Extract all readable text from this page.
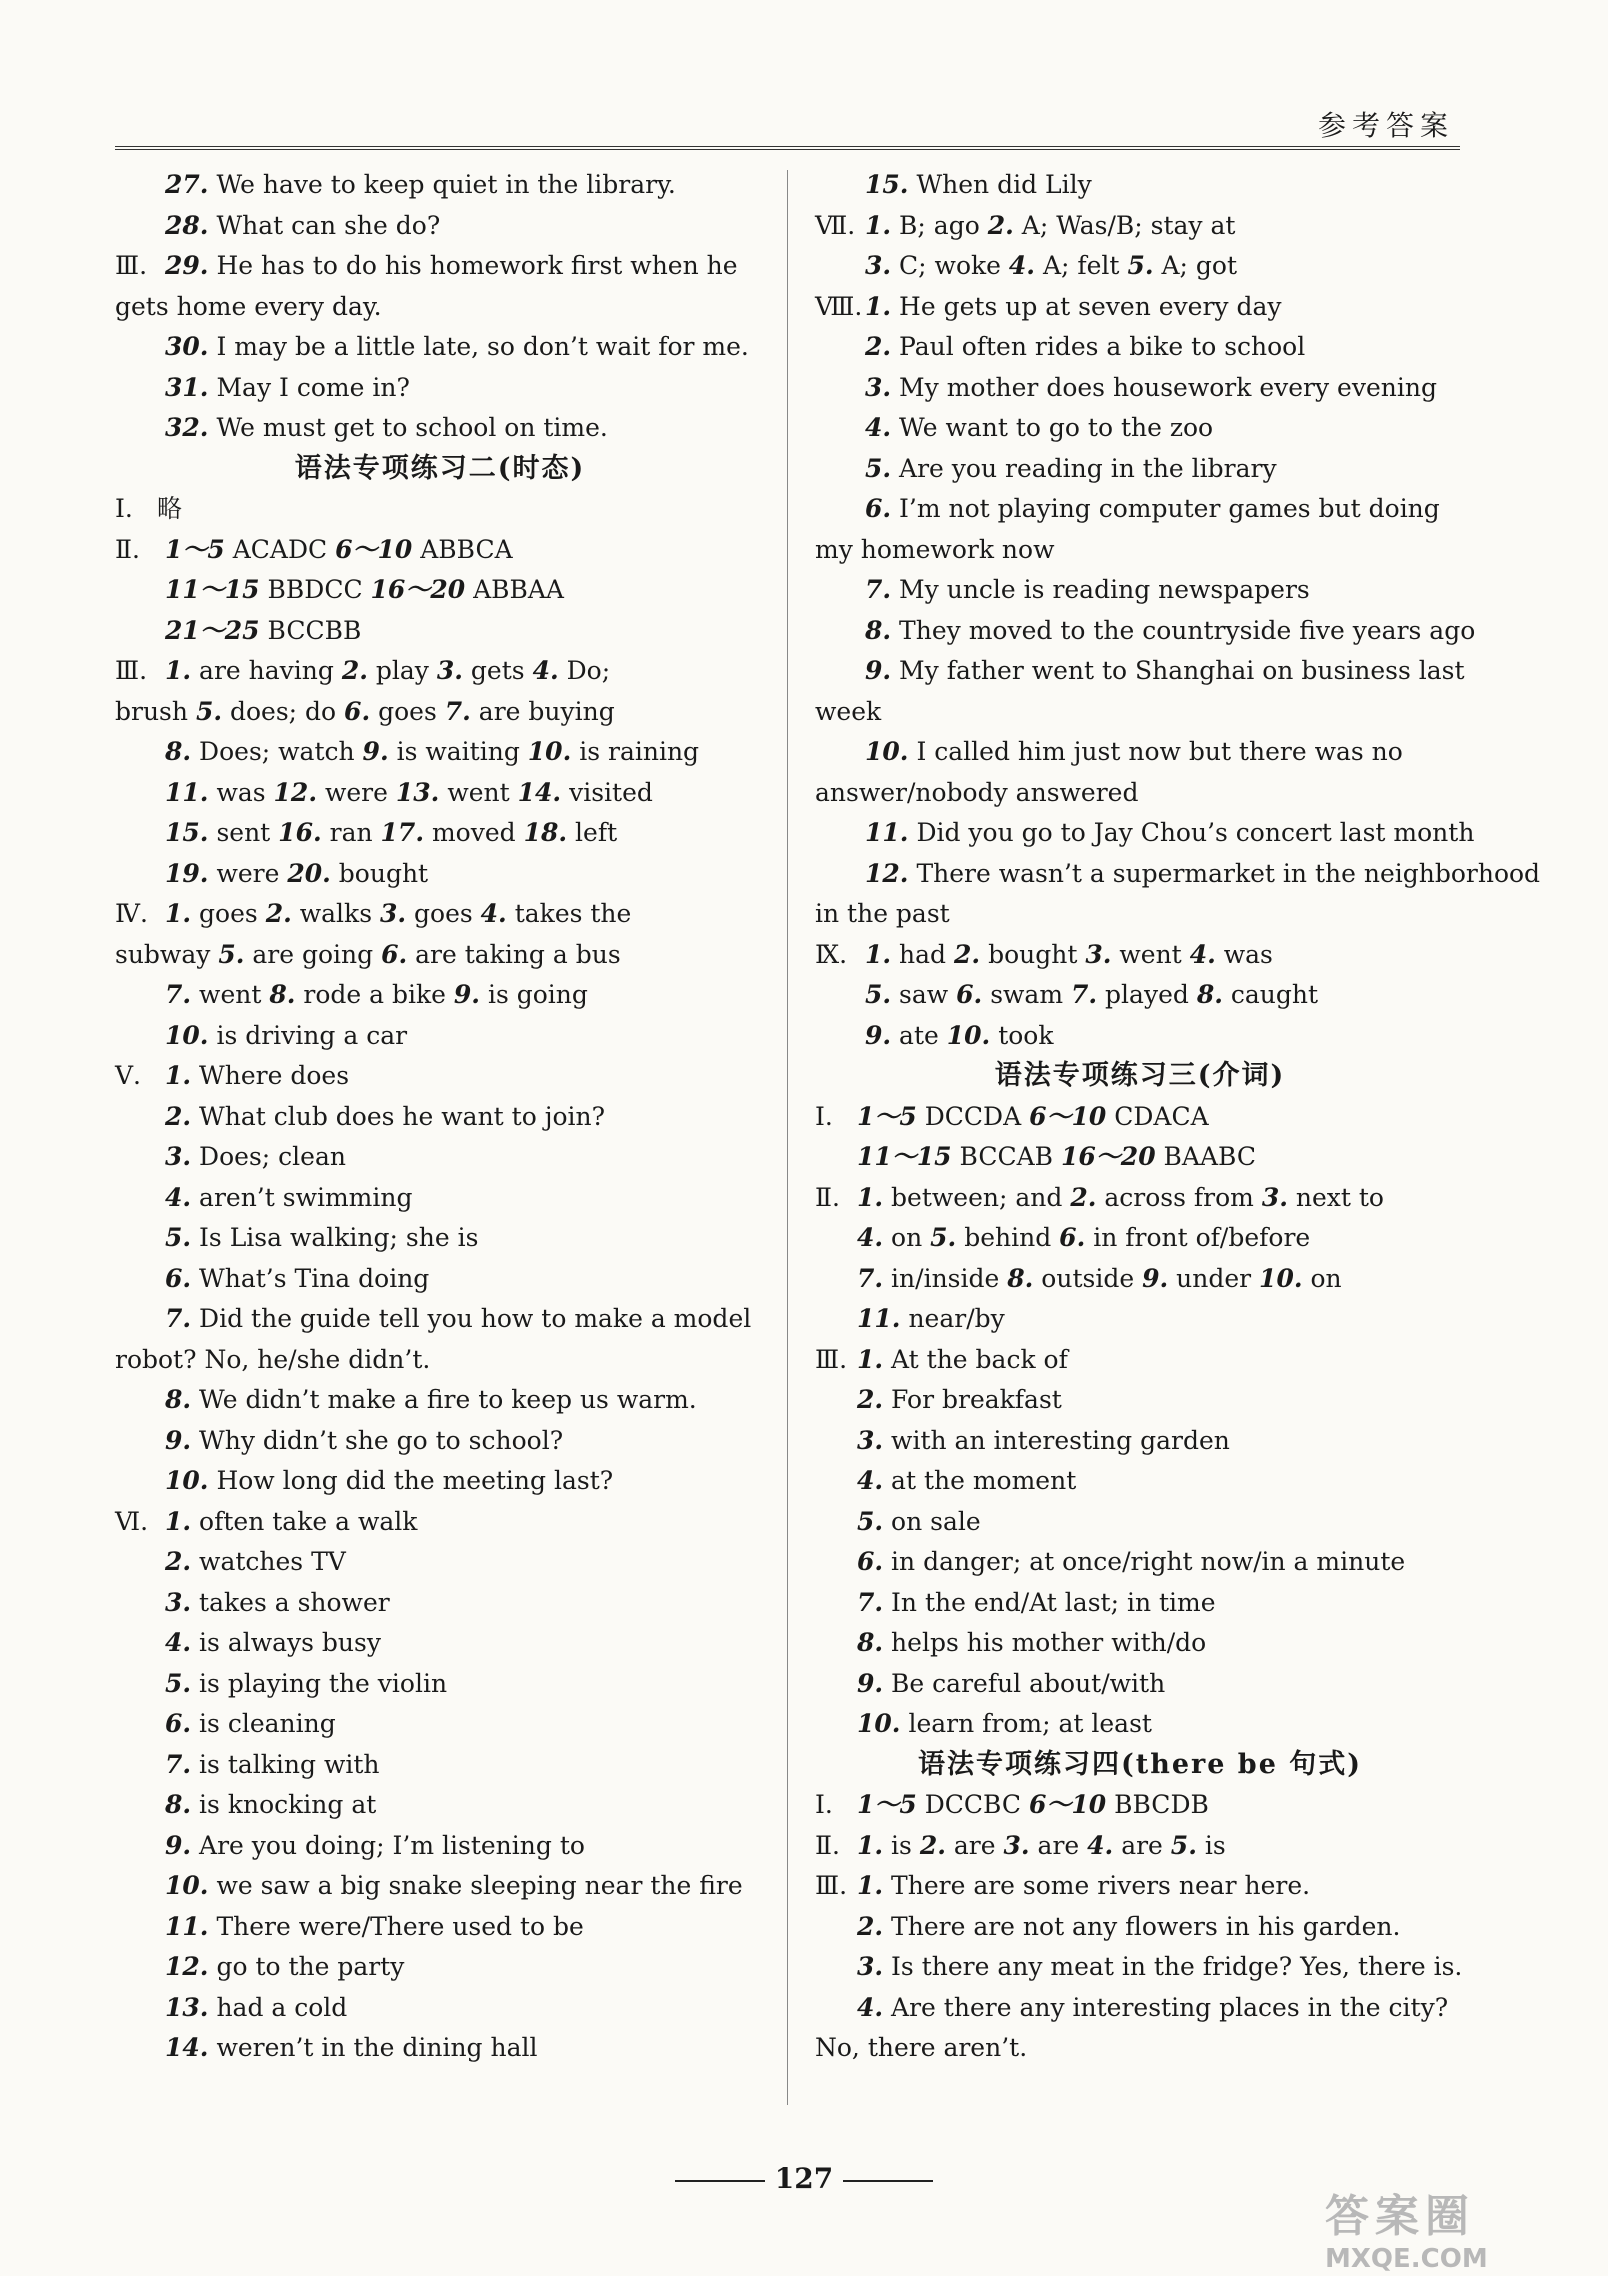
参考答案
27. We have to keep quiet in the library.
28. What can she do?
Ⅲ. 29. He has to do his homework first when he
gets home every day.
30. I may be a little late, so don’t wait for me.
31. May I come in?
32. We must get to school on time.
语法专项练习二(时态)
Ⅰ. 略
Ⅱ. 1～5 ACADC 6～10 ABBCA
11～15 BBDCC 16～20 ABBAA
21～25 BCCBB
Ⅲ. 1. are having 2. play 3. gets 4. Do;
brush 5. does; do 6. goes 7. are buying
8. Does; watch 9. is waiting 10. is raining
11. was 12. were 13. went 14. visited
15. sent 16. ran 17. moved 18. left
19. were 20. bought
Ⅳ. 1. goes 2. walks 3. goes 4. takes the
subway 5. are going 6. are taking a bus
7. went 8. rode a bike 9. is going
10. is driving a car
Ⅴ. 1. Where does
2. What club does he want to join?
3. Does; clean
4. aren’t swimming
5. Is Lisa walking; she is
6. What’s Tina doing
7. Did the guide tell you how to make a model
robot? No, he/she didn’t.
8. We didn’t make a fire to keep us warm.
9. Why didn’t she go to school?
10. How long did the meeting last?
Ⅵ. 1. often take a walk
2. watches TV
3. takes a shower
4. is always busy
5. is playing the violin
6. is cleaning
7. is talking with
8. is knocking at
9. Are you doing; I’m listening to
10. we saw a big snake sleeping near the fire
11. There were/There used to be
12. go to the party
13. had a cold
14. weren’t in the dining hall
15. When did Lily
Ⅶ. 1. B; ago 2. A; Was/B; stay at
3. C; woke 4. A; felt 5. A; got
Ⅷ. 1. He gets up at seven every day
2. Paul often rides a bike to school
3. My mother does housework every evening
4. We want to go to the zoo
5. Are you reading in the library
6. I’m not playing computer games but doing
my homework now
7. My uncle is reading newspapers
8. They moved to the countryside five years ago
9. My father went to Shanghai on business last
week
10. I called him just now but there was no
answer/nobody answered
11. Did you go to Jay Chou’s concert last month
12. There wasn’t a supermarket in the neighborhood
in the past
Ⅸ. 1. had 2. bought 3. went 4. was
5. saw 6. swam 7. played 8. caught
9. ate 10. took
语法专项练习三(介词)
Ⅰ. 1～5 DCCDA 6～10 CDACA
11～15 BCCAB 16～20 BAABC
Ⅱ. 1. between; and 2. across from 3. next to
4. on 5. behind 6. in front of/before
7. in/inside 8. outside 9. under 10. on
11. near/by
Ⅲ. 1. At the back of
2. For breakfast
3. with an interesting garden
4. at the moment
5. on sale
6. in danger; at once/right now/in a minute
7. In the end/At last; in time
8. helps his mother with/do
9. Be careful about/with
10. learn from; at least
语法专项练习四(there be 句式)
Ⅰ. 1～5 DCCBC 6～10 BBCDB
Ⅱ. 1. is 2. are 3. are 4. are 5. is
Ⅲ. 1. There are some rivers near here.
2. There are not any flowers in his garden.
3. Is there any meat in the fridge? Yes, there is.
4. Are there any interesting places in the city?
No, there aren’t.
127
答案圈
MXQE.COM
